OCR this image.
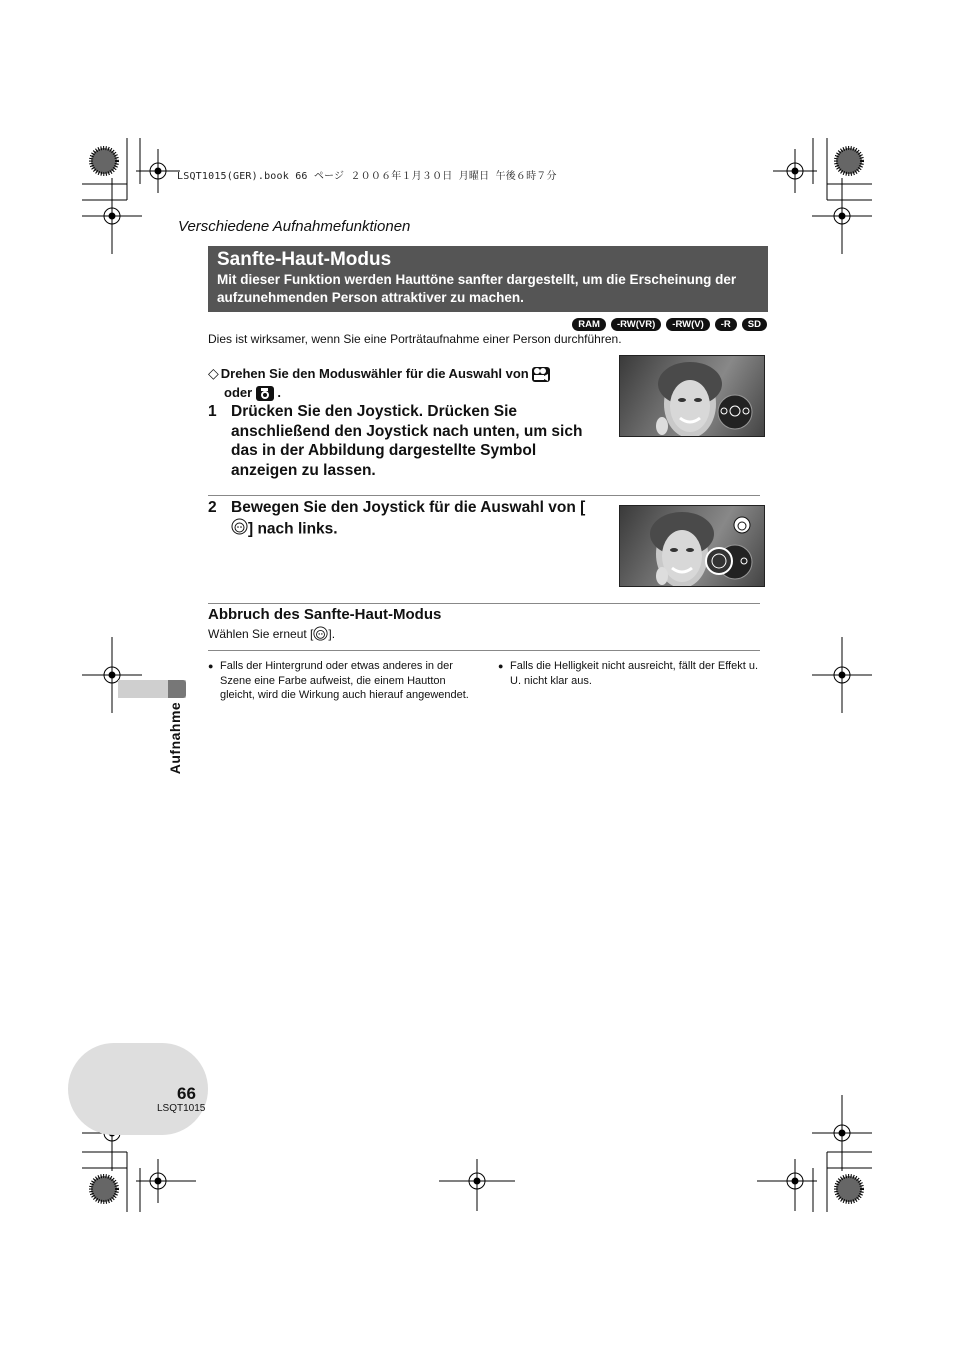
LSQT1015(GER).book 66 ページ ２００６年１月３０日 月曜日 午後６時７分
Verschiedene Aufnahmefunktionen
Sanfte-Haut-Modus
Mit dieser Funktion werden Hauttöne sanfter dargestellt, um die Erscheinung der aufzunehmenden Person attraktiver zu machen.
RAM	-RW(VR)	-RW(V)	-R	SD
Dies ist wirksamer, wenn Sie eine Porträtaufnahme einer Person durchführen.
◇ Drehen Sie den Moduswähler für die Auswahl von
oder .
1 Drücken Sie den Joystick. Drücken Sie anschließend den Joystick nach unten, um sich das in der Abbildung dargestellte Symbol anzeigen zu lassen.
2 Bewegen Sie den Joystick für die Auswahl von [] nach links.
Abbruch des Sanfte-Haut-Modus
Wählen Sie erneut [ ].
● Falls der Hintergrund oder etwas anderes in der Szene eine Farbe aufweist, die einem Hautton gleicht, wird die Wirkung auch hierauf angewendet.
● Falls die Helligkeit nicht ausreicht, fällt der Effekt u. U. nicht klar aus.
Aufnahme
66
LSQT1015
